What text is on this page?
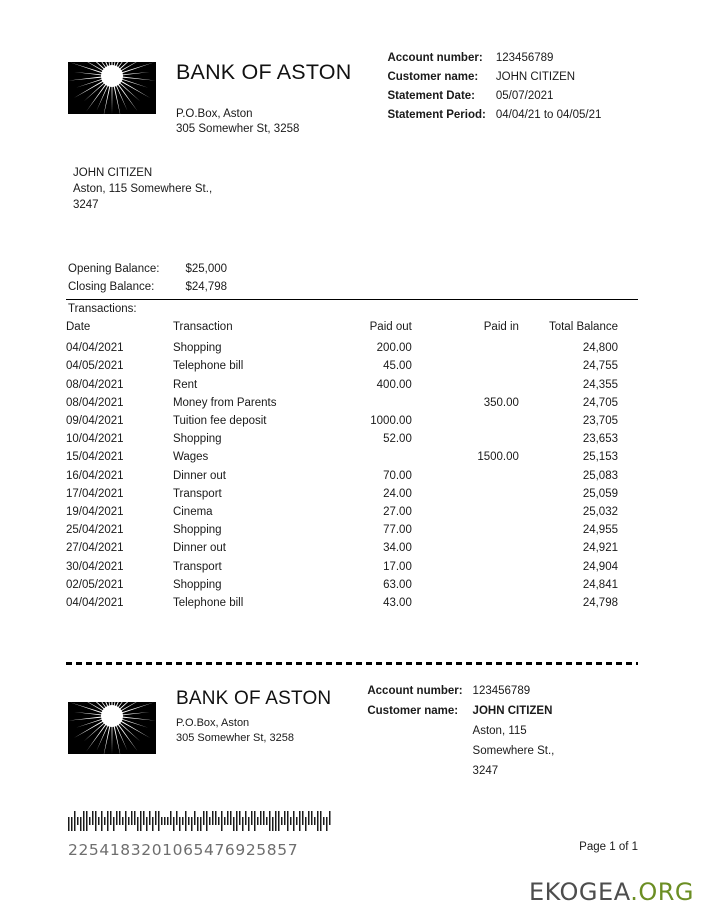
BANK OF ASTON
P.O.Box, Aston
305 Somewher St, 3258
Account number:	123456789
Customer name:	JOHN CITIZEN
Statement Date:	05/07/2021
Statement Period:	04/04/21 to 04/05/21
JOHN CITIZEN
Aston, 115 Somewhere St.,
3247
Opening Balance:	$25,000
Closing Balance:	$24,798
Transactions:
Date	Transaction	Paid out	Paid in	Total Balance
04/04/2021	Shopping	200.00		24,800
04/05/2021	Telephone bill	45.00		24,755
08/04/2021	Rent	400.00		24,355
08/04/2021	Money from Parents		350.00	24,705
09/04/2021	Tuition fee deposit	1000.00		23,705
10/04/2021	Shopping	52.00		23,653
15/04/2021	Wages		1500.00	25,153
16/04/2021	Dinner out	70.00		25,083
17/04/2021	Transport	24.00		25,059
19/04/2021	Cinema	27.00		25,032
25/04/2021	Shopping	77.00		24,955
27/04/2021	Dinner out	34.00		24,921
30/04/2021	Transport	17.00		24,904
02/05/2021	Shopping	63.00		24,841
04/04/2021	Telephone bill	43.00		24,798
BANK OF ASTON
P.O.Box, Aston
305 Somewher St, 3258
Account number:	123456789
Customer name:	JOHN CITIZEN
	Aston, 115
	Somewhere St.,
	3247
2254183201065476925857	Page 1 of 1
EKOGEA.ORG
